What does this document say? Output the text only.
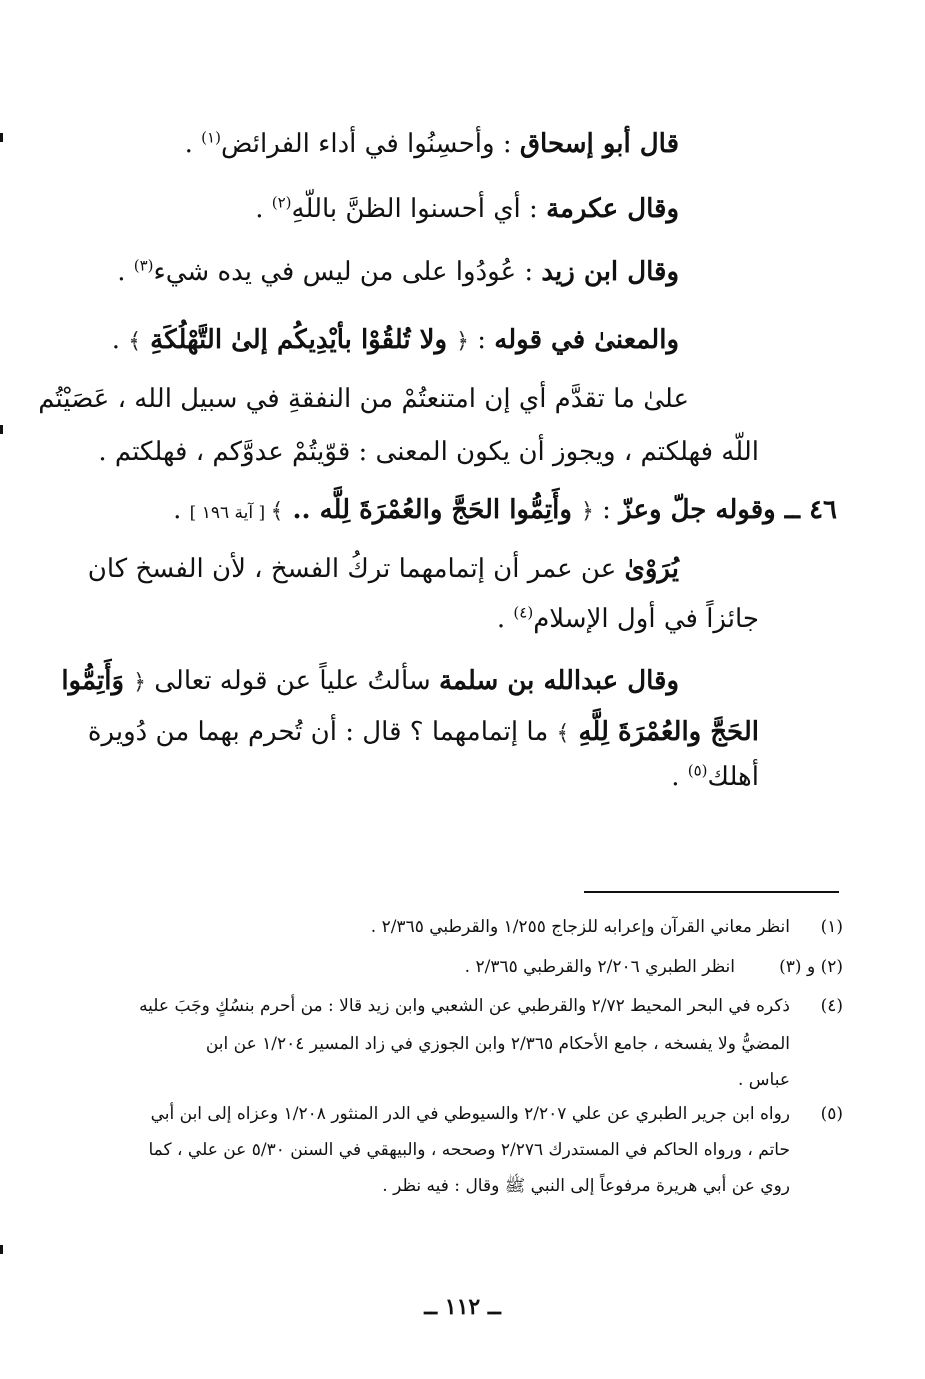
قال أبو إسحاق : وأحسِنُوا في أداء الفرائض$^{(١)}$ .
وقال عكرمة : أي أحسنوا الظنَّ باللّهِ$^{(٢)}$ .
وقال ابن زيد : عُودُوا على من ليس في يده شيء$^{(٣)}$ .
والمعنىٰ في قوله : ﴿ ولا تُلقُوْا بأيْدِيكُم إلىٰ التَّهْلُكَةِ ﴾ .
علىٰ ما تقدَّم أي إن امتنعتُمْ من النفقةِ في سبيل الله ، عَصَيْتُم
اللّه فهلكتم ، ويجوز أن يكون المعنى : قوّيتُمْ عدوَّكم ، فهلكتم .
٤٦ ــ وقوله جلّ وعزّ : ﴿ وأَتِمُّوا الحَجَّ والعُمْرَةَ لِلَّه .. ﴾ [ آية ١٩٦ ] .
يُرَوْىٰ عن عمر أن إتمامهما تركُ الفسخ ، لأن الفسخ كان
جائزاً في أول الإسلام$^{(٤)}$ .
وقال عبدالله بن سلمة سألتُ علياً عن قوله تعالى ﴿ وَأَتِمُّوا
الحَجَّ والعُمْرَةَ لِلَّهِ ﴾ ما إتمامهما ؟ قال : أن تُحرم بهما من دُويرة
أهلك$^{(٥)}$ .
(١)
انظر معاني القرآن وإعرابه للزجاج ١/٢٥٥ والقرطبي ٢/٣٦٥ .
(٢) و (٣)
انظر الطبري ٢/٢٠٦ والقرطبي ٢/٣٦٥ .
(٤)
ذكره في البحر المحيط ٢/٧٢ والقرطبي عن الشعبي وابن زيد قالا : من أحرم بنسُكٍ وجَبَ عليه
المضيُّ ولا يفسخه ، جامع الأحكام ٢/٣٦٥ وابن الجوزي في زاد المسير ١/٢٠٤ عن ابن
عباس .
(٥)
رواه ابن جرير الطبري عن علي ٢/٢٠٧ والسيوطي في الدر المنثور ١/٢٠٨ وعزاه إلى ابن أبي
حاتم ، ورواه الحاكم في المستدرك ٢/٢٧٦ وصححه ، والبيهقي في السنن ٥/٣٠ عن علي ، كما
روي عن أبي هريرة مرفوعاً إلى النبي ﷺ وقال : فيه نظر .
ــ ١١٢ ــ
